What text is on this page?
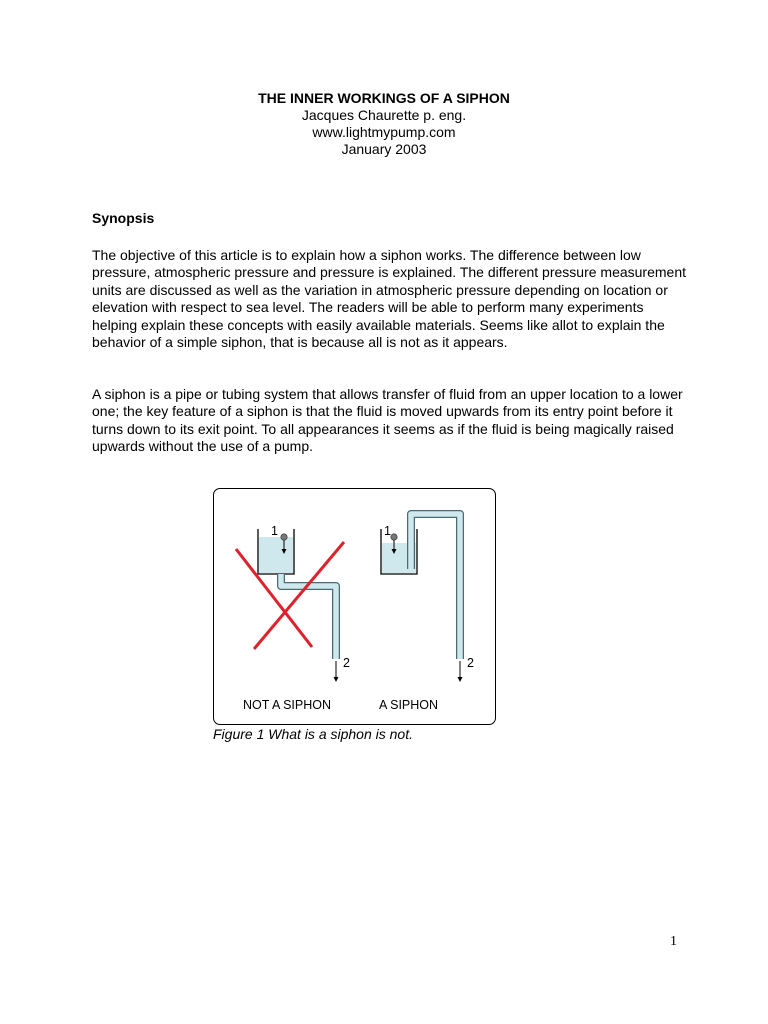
THE INNER WORKINGS OF A SIPHON
Jacques Chaurette p. eng.
www.lightmypump.com
January 2003
Synopsis
The objective of this article is to explain how a siphon works. The difference between low pressure, atmospheric pressure and pressure is explained. The different pressure measurement units are discussed as well as the variation in atmospheric pressure depending on location or elevation with respect to sea level. The readers will be able to perform many experiments helping explain these concepts with easily available materials. Seems like allot to explain the behavior of a simple siphon, that is because all is not as it appears.
A siphon is a pipe or tubing system that allows transfer of fluid from an upper location to a lower one; the key feature of a siphon is that the fluid is moved upwards from its entry point before it turns down to its exit point. To all appearances it seems as if the fluid is being magically raised upwards without the use of a pump.
1
2
NOT A SIPHON
1
2
A SIPHON
Figure 1 What is a siphon is not.
1
